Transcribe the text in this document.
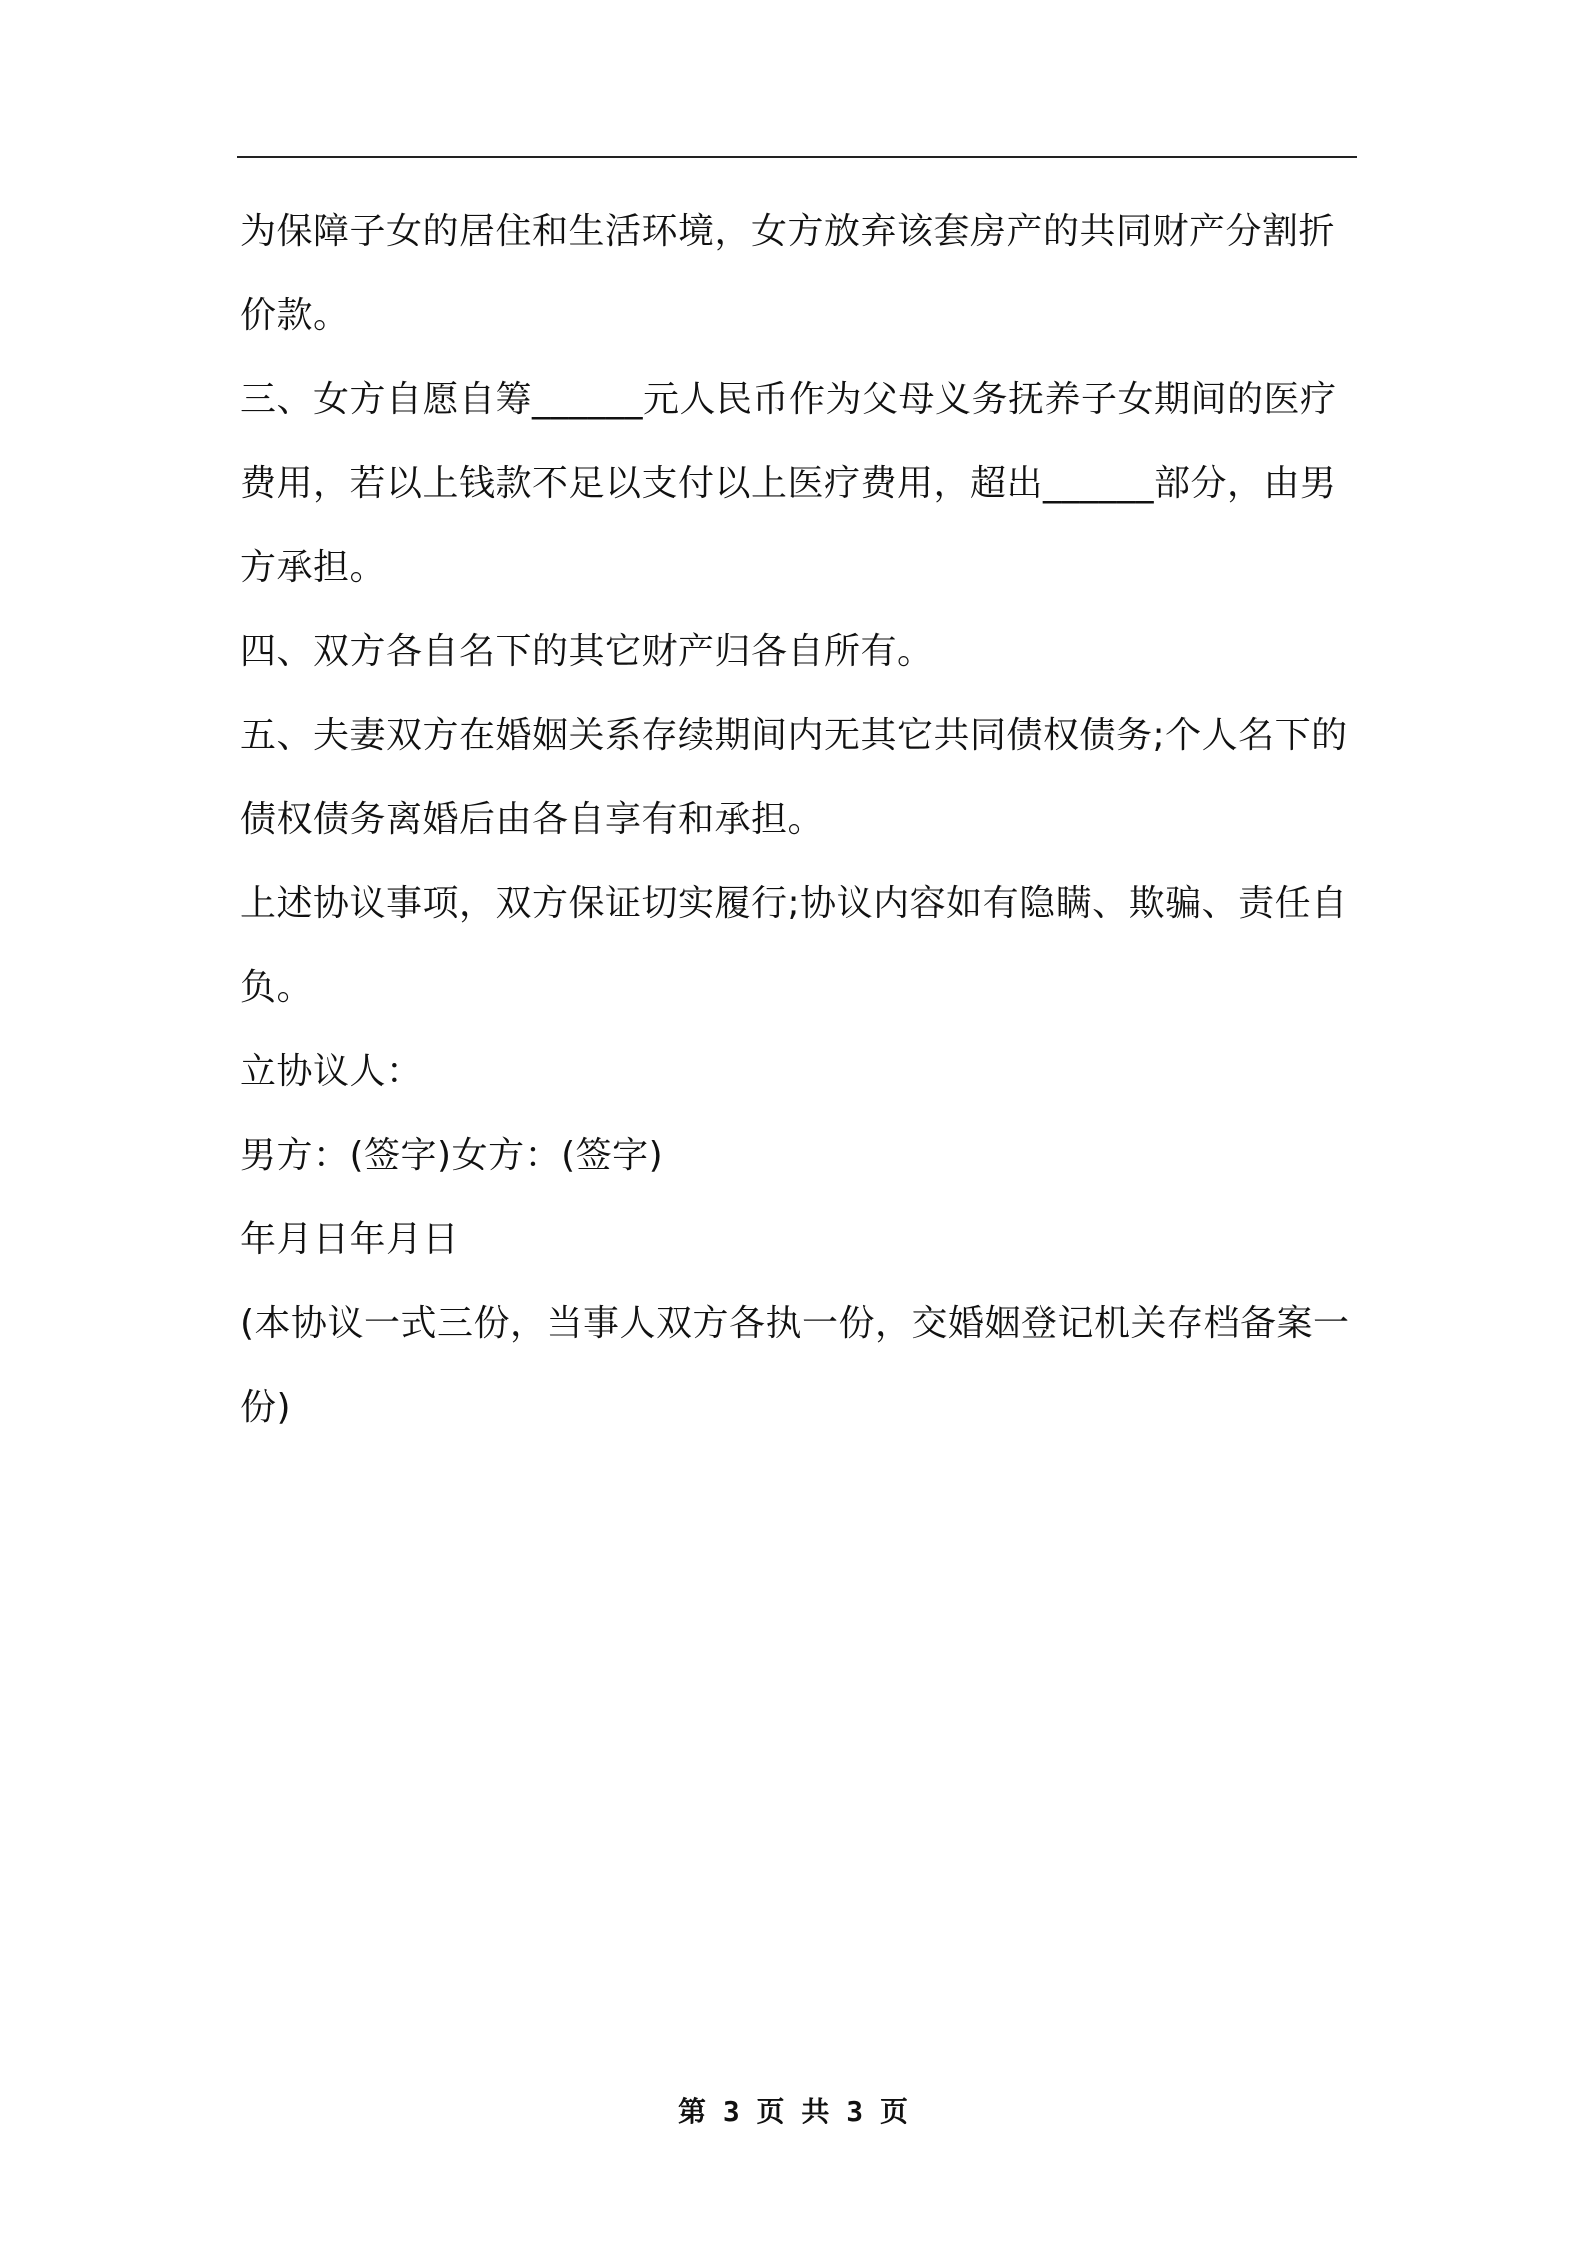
为保障子女的居住和生活环境，女方放弃该套房产的共同财产分割折价款。

三、女方自愿自筹______元人民币作为父母义务抚养子女期间的医疗费用，若以上钱款不足以支付以上医疗费用，超出______部分，由男方承担。

四、双方各自名下的其它财产归各自所有。

五、夫妻双方在婚姻关系存续期间内无其它共同债权债务;个人名下的债权债务离婚后由各自享有和承担。

上述协议事项，双方保证切实履行;协议内容如有隐瞒、欺骗、责任自负。

立协议人：

男方：(签字)女方：(签字)

年月日年月日

(本协议一式三份，当事人双方各执一份，交婚姻登记机关存档备案一份)

第 3 页 共 3 页
